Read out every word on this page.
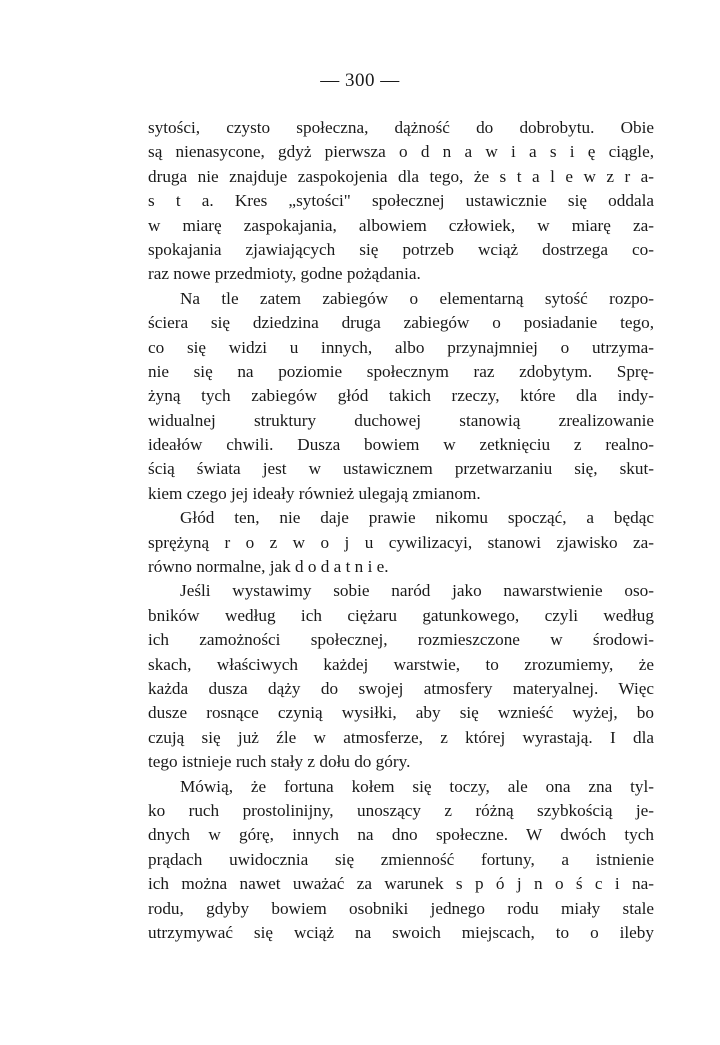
— 300 —
sytości, czysto społeczna, dążność do dobrobytu. Obie
są nienasycone, gdyż pierwsza o d n a w i a s i ę ciągle,
druga nie znajduje zaspokojenia dla tego, że s t a l e w z r a-
s t a. Kres „sytości" społecznej ustawicznie się oddala
w miarę zaspokajania, albowiem człowiek, w miarę za-
spokajania zjawiających się potrzeb wciąż dostrzega co-
raz nowe przedmioty, godne pożądania.
Na tle zatem zabiegów o elementarną sytość rozpo-
ściera się dziedzina druga zabiegów o posiadanie tego,
co się widzi u innych, albo przynajmniej o utrzyma-
nie się na poziomie społecznym raz zdobytym. Sprę-
żyną tych zabiegów głód takich rzeczy, które dla indy-
widualnej struktury duchowej stanowią zrealizowanie
ideałów chwili. Dusza bowiem w zetknięciu z realno-
ścią świata jest w ustawicznem przetwarzaniu się, skut-
kiem czego jej ideały również ulegają zmianom.
Głód ten, nie daje prawie nikomu spocząć, a będąc
sprężyną r o z w o j u cywilizacyi, stanowi zjawisko za-
równo normalne, jak d o d a t n i e.
Jeśli wystawimy sobie naród jako nawarstwienie oso-
bników według ich ciężaru gatunkowego, czyli według
ich zamożności społecznej, rozmieszczone w środowi-
skach, właściwych każdej warstwie, to zrozumiemy, że
każda dusza dąży do swojej atmosfery materyalnej. Więc
dusze rosnące czynią wysiłki, aby się wznieść wyżej, bo
czują się już źle w atmosferze, z której wyrastają. I dla
tego istnieje ruch stały z dołu do góry.
Mówią, że fortuna kołem się toczy, ale ona zna tyl-
ko ruch prostolinijny, unoszący z różną szybkością je-
dnych w górę, innych na dno społeczne. W dwóch tych
prądach uwidocznia się zmienność fortuny, a istnienie
ich można nawet uważać za warunek s p ó j n o ś c i na-
rodu, gdyby bowiem osobniki jednego rodu miały stale
utrzymywać się wciąż na swoich miejscach, to o ileby
